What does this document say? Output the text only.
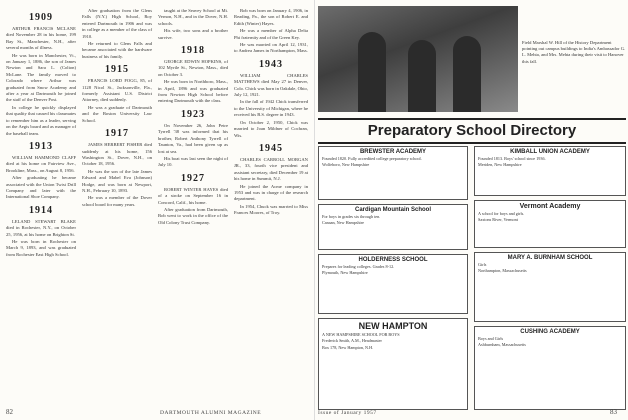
1909

ARTHUR FRANCIS MCLANE died November 28 in his home, 199 Bay St., Manchester, N.H., after several months of illness.

He was born in Manchester, Vt., on January 1, 1886, the son of James Newton and Sara L. (Colton) McLane. The family moved to Colorado where Arthur was graduated from Snow Academy and after a year at Dartmouth he joined the staff of the Denver Post.

In college he quickly displayed that quality that caused his classmates to remember him as a leader, serving on the Aegis board and as manager of the baseball team.

1913

WILLIAM HAMMOND CLAFF died at his home on Fairview Ave., Brookline, Mass., on August 8, 1956.

After graduating he became associated with the Union Twist Drill Company and later with the International Shoe Company.

1914

LELAND STEWART BLAKE died in Rochester, N.Y., on October 25, 1956, at his home on Brighton St.

He was born in Rochester on March 9, 1893, and was graduated from Rochester East High School.

After graduation from the Glens Falls (N.Y.) High School, Roy entered Dartmouth in 1906 and was in college as a member of the class of 1910.

He returned to Glens Falls and became associated with the hardware business of his family.

1915

FRANCIS LORD FOGG, 85, of 1128 Nicol St., Jacksonville, Fla., formerly Assistant U.S. District Attorney, died suddenly.

He was a graduate of Dartmouth and the Boston University Law School.

1917

JAMES HERBERT FISHER died suddenly at his home, 156 Washington St., Dover, N.H., on October 18, 1956.

He was the son of the late James Edward and Mabel Eva (Johnson) Hodge, and was born at Newport, N.H., February 10, 1893.

He was a member of the Dover school board for many years.

taught at the Seavey School at Mt. Vernon, N.H., and in the Dover, N.H. schools.

His wife, two sons and a brother survive.

1918

GEORGE EDWIN HOPKINS, of 102 Myrtle St., Newton, Mass., died on October 3.

He was born in Northboro, Mass., in April, 1896 and was graduated from Newton High School before entering Dartmouth with the class.

1923

On November 26, John Petre Tyrrell '38 was informed that his brother, Robert Anthony Tyrrell of Taunton, Va., had been given up as lost at sea.

His boat was last seen the night of July 10.

1927

ROBERT WINTER HAYES died of a stroke on September 16 in Concord, Calif., his home.

After graduation from Dartmouth, Bob went to work in the office of the Old Colony Trust Company.

Bob was born on January 4, 1906, in Reading, Pa., the son of Robert E. and Edith (Winter) Hayes.

He was a member of Alpha Delta Phi fraternity and of the Green Key.

He was married on April 12, 1931, to Andrea James in Northampton, Mass.

1943

WILLIAM CHARLES MATTHEWS died May 27 in Denver, Colo. Chick was born in Oakdale, Ohio, July 12, 1921.

In the fall of 1942 Chick transferred to the University of Michigan, where he received his B.S. degree in 1943.

On October 2, 1950, Chick was married to Joan Mildner of Cochran, Wis.

1945

CHARLES CARROLL MORGAN JR., 33, fourth vice president and assistant secretary, died December 19 at his home in Summit, N.J.

He joined the Acme company in 1953 and was in charge of the research department.

In 1954, Chuck was married to Miss Frances Moores, of Troy.

82	DARTMOUTH ALUMNI MAGAZINE
Field Marshal W. Hill of the History Department pointing out campus buildings to India's Ambassador G. L. Mehta, and Mrs. Mehta during their visit to Hanover this fall.
Preparatory School Directory
BREWSTER ACADEMY

Founded 1820. Fully accredited college preparatory school.

Wolfeboro, New Hampshire

Cardigan Mountain School

For boys in grades six through ten.

Canaan, New Hampshire

HOLDERNESS SCHOOL

Prepares for leading colleges. Grades 8-12.

Plymouth, New Hampshire

NEW HAMPTON

A NEW HAMPSHIRE SCHOOL FOR BOYS

Frederick Smith, A.M., Headmaster

Box 178, New Hampton, N.H.

KIMBALL UNION ACADEMY

Founded 1813. Boys' school since 1936.

Meriden, New Hampshire

Vermont Academy

A school for boys and girls.

Saxtons River, Vermont

MARY A. BURNHAM SCHOOL

Girls

Northampton, Massachusetts

CUSHING ACADEMY

Boys and Girls

Ashburnham, Massachusetts

83
Issue of January 1957
